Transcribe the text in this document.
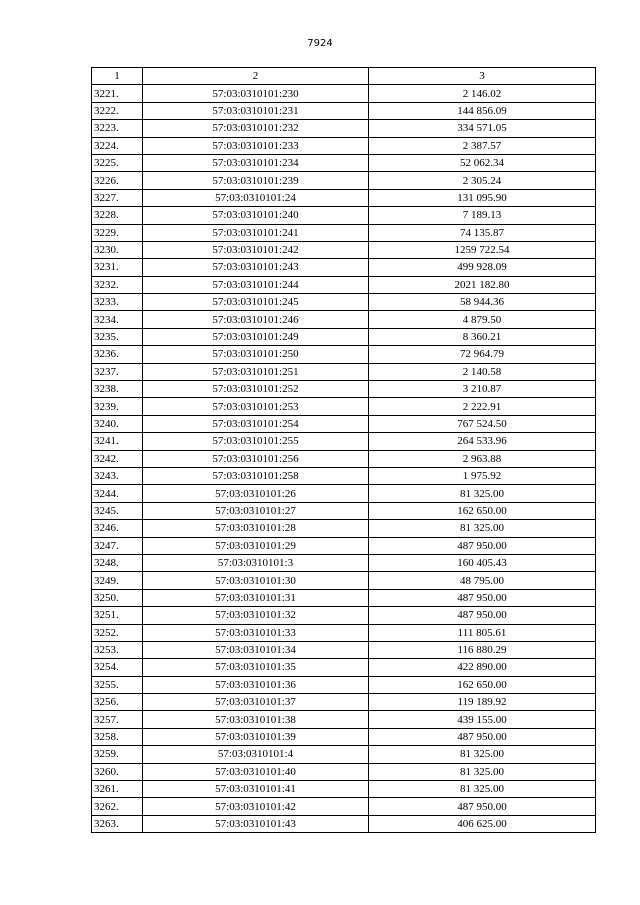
7924
1	2	3
3221.	57:03:0310101:230	2 146.02
3222.	57:03:0310101:231	144 856.09
3223.	57:03:0310101:232	334 571.05
3224.	57:03:0310101:233	2 387.57
3225.	57:03:0310101:234	52 062.34
3226.	57:03:0310101:239	2 305.24
3227.	57:03:0310101:24	131 095.90
3228.	57:03:0310101:240	7 189.13
3229.	57:03:0310101:241	74 135.87
3230.	57:03:0310101:242	1259 722.54
3231.	57:03:0310101:243	499 928.09
3232.	57:03:0310101:244	2021 182.80
3233.	57:03:0310101:245	58 944.36
3234.	57:03:0310101:246	4 879.50
3235.	57:03:0310101:249	8 360.21
3236.	57:03:0310101:250	72 964.79
3237.	57:03:0310101:251	2 140.58
3238.	57:03:0310101:252	3 210.87
3239.	57:03:0310101:253	2 222.91
3240.	57:03:0310101:254	767 524.50
3241.	57:03:0310101:255	264 533.96
3242.	57:03:0310101:256	2 963.88
3243.	57:03:0310101:258	1 975.92
3244.	57:03:0310101:26	81 325.00
3245.	57:03:0310101:27	162 650.00
3246.	57:03:0310101:28	81 325.00
3247.	57:03:0310101:29	487 950.00
3248.	57:03:0310101:3	160 405.43
3249.	57:03:0310101:30	48 795.00
3250.	57:03:0310101:31	487 950.00
3251.	57:03:0310101:32	487 950.00
3252.	57:03:0310101:33	111 805.61
3253.	57:03:0310101:34	116 880.29
3254.	57:03:0310101:35	422 890.00
3255.	57:03:0310101:36	162 650.00
3256.	57:03:0310101:37	119 189.92
3257.	57:03:0310101:38	439 155.00
3258.	57:03:0310101:39	487 950.00
3259.	57:03:0310101:4	81 325.00
3260.	57:03:0310101:40	81 325.00
3261.	57:03:0310101:41	81 325.00
3262.	57:03:0310101:42	487 950.00
3263.	57:03:0310101:43	406 625.00
